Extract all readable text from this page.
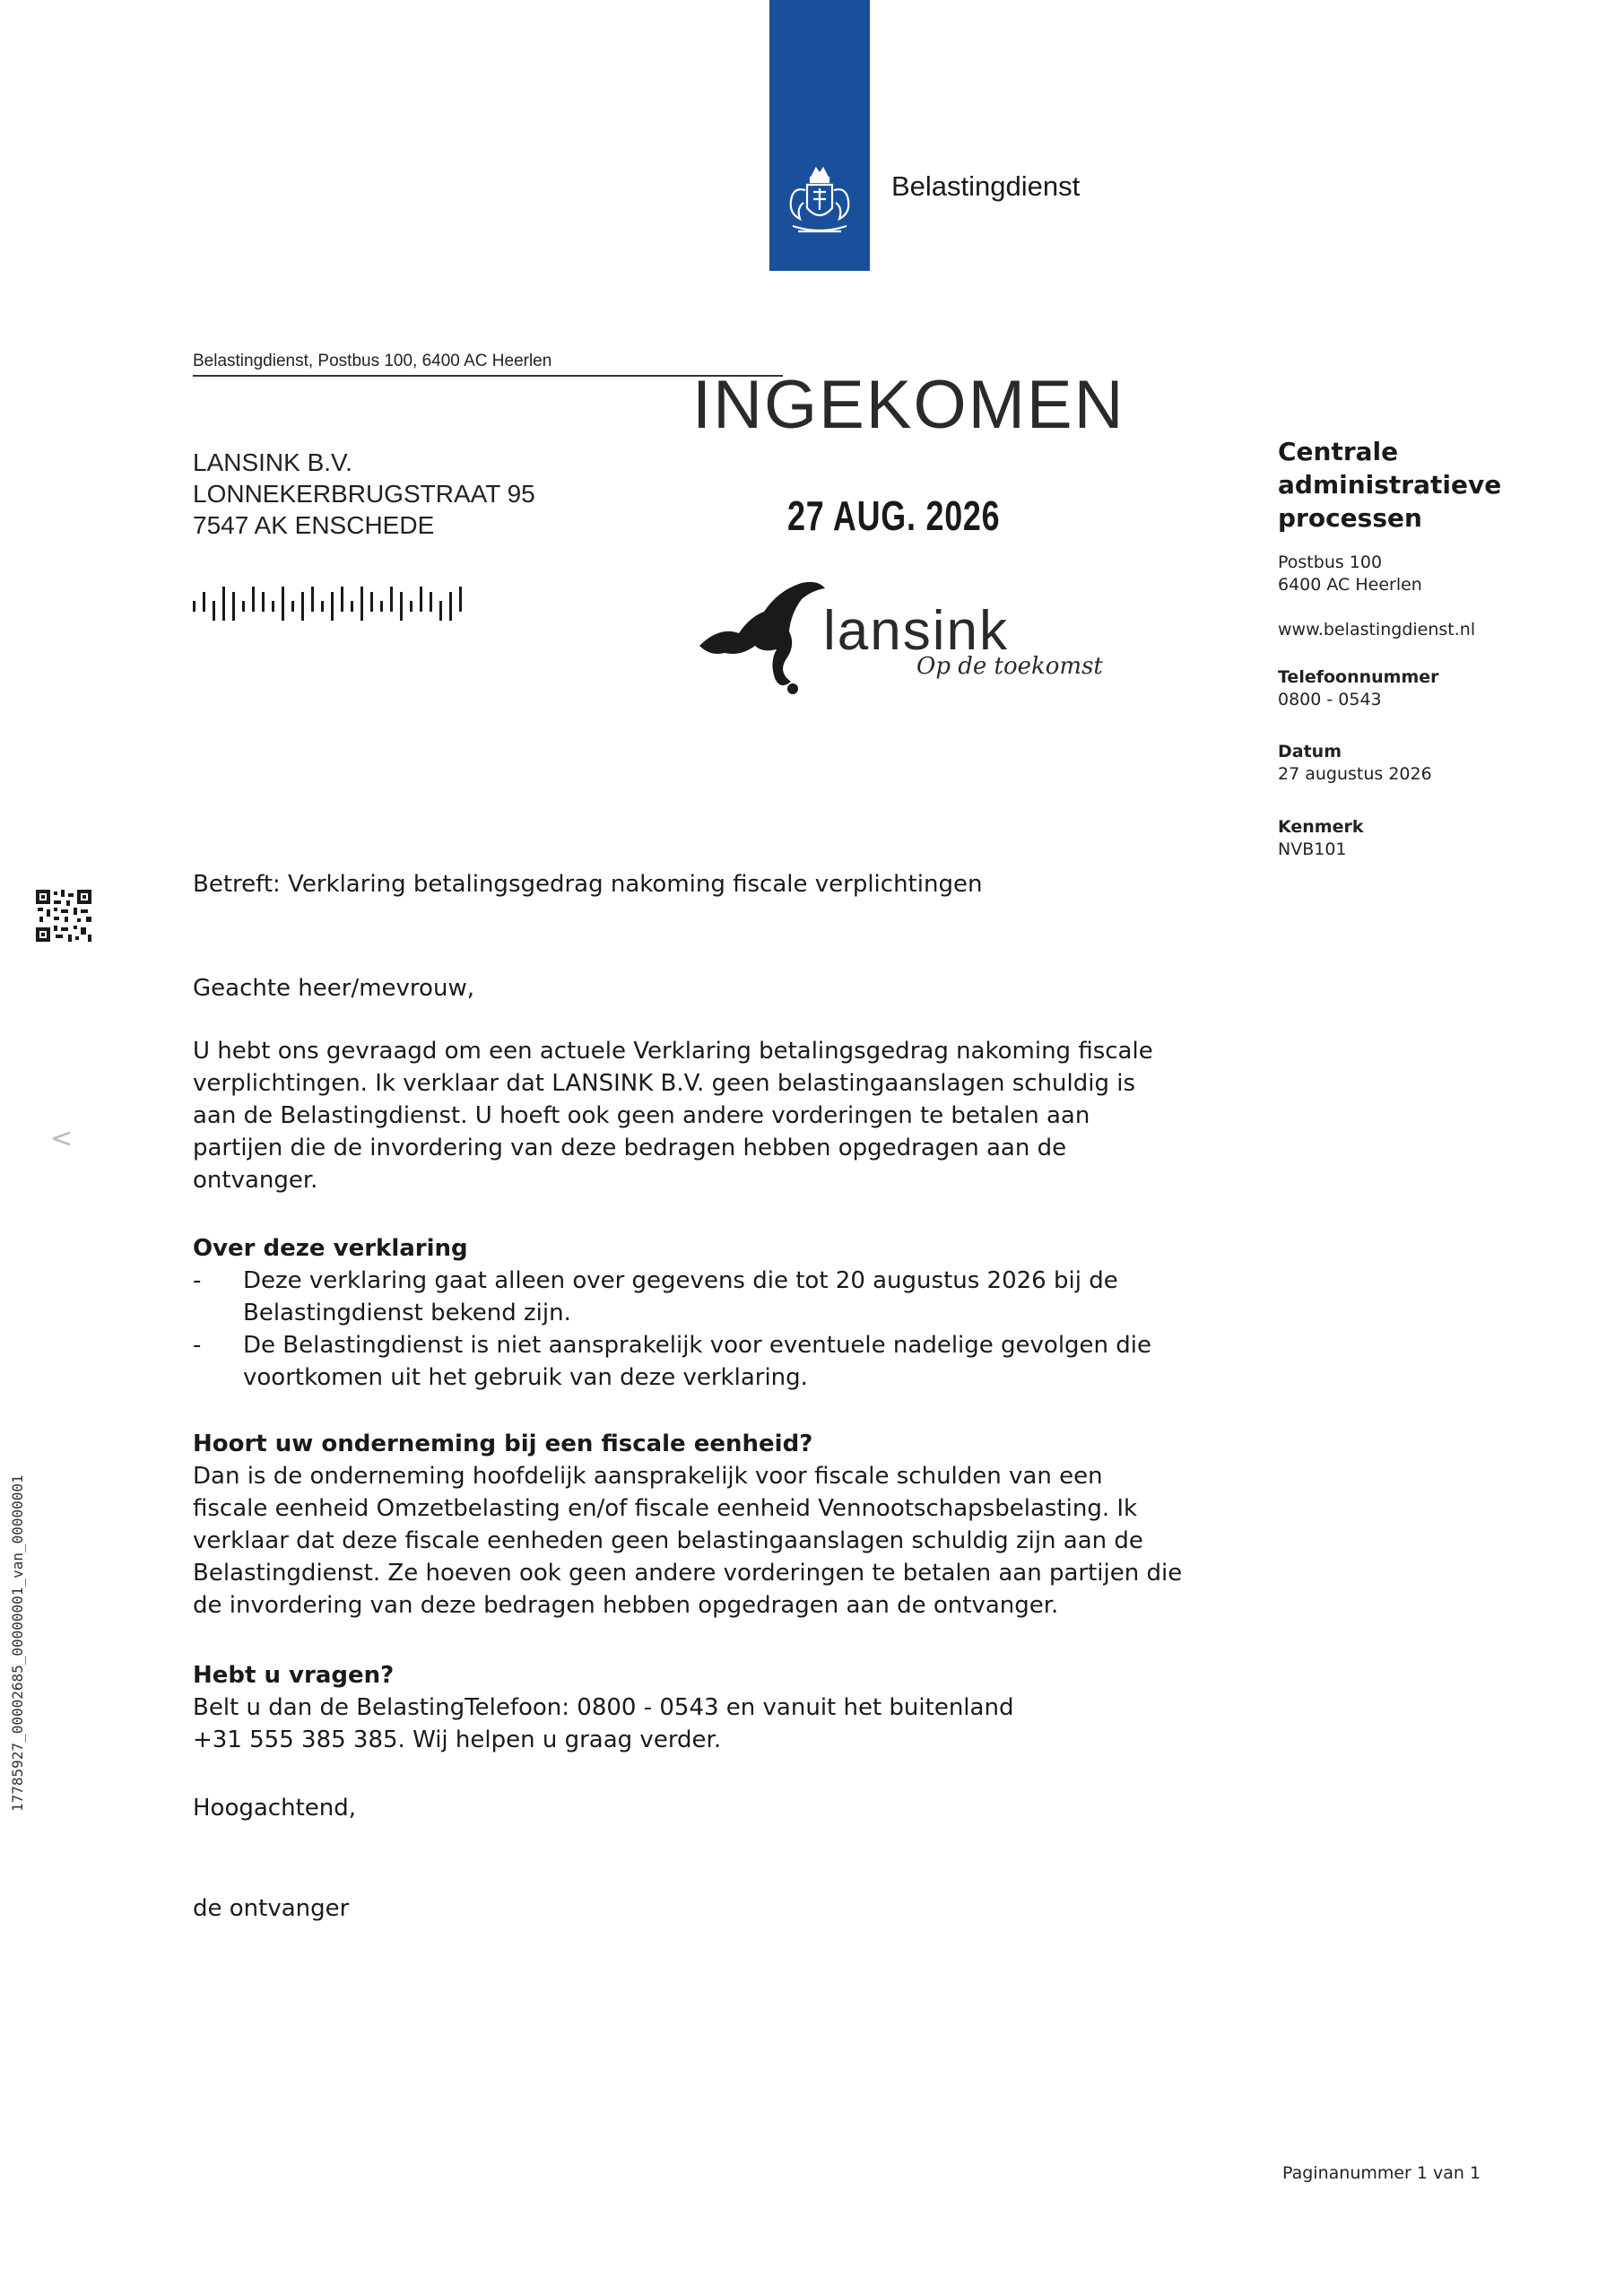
Belastingdienst
Belastingdienst, Postbus 100, 6400 AC Heerlen
LANSINK B.V.
LONNEKERBRUGSTRAAT 95
7547 AK ENSCHEDE
INGEKOMEN
27 AUG. 2026
lansink
Op de toekomst
Centrale
administratieve
processen
Postbus 100
6400 AC Heerlen
www.belastingdienst.nl
Telefoonnummer
0800 - 0543
Datum
27 augustus 2026
Kenmerk
NVB101
<
Betreft: Verklaring betalingsgedrag nakoming fiscale verplichtingen
Geachte heer/mevrouw,
U hebt ons gevraagd om een actuele Verklaring betalingsgedrag nakoming fiscale
verplichtingen. Ik verklaar dat LANSINK B.V. geen belastingaanslagen schuldig is
aan de Belastingdienst. U hoeft ook geen andere vorderingen te betalen aan
partijen die de invordering van deze bedragen hebben opgedragen aan de
ontvanger.
Over deze verklaring
- Deze verklaring gaat alleen over gegevens die tot 20 augustus 2026 bij de
Belastingdienst bekend zijn.
- De Belastingdienst is niet aansprakelijk voor eventuele nadelige gevolgen die
voortkomen uit het gebruik van deze verklaring.
Hoort uw onderneming bij een fiscale eenheid?
Dan is de onderneming hoofdelijk aansprakelijk voor fiscale schulden van een
fiscale eenheid Omzetbelasting en/of fiscale eenheid Vennootschapsbelasting. Ik
verklaar dat deze fiscale eenheden geen belastingaanslagen schuldig zijn aan de
Belastingdienst. Ze hoeven ook geen andere vorderingen te betalen aan partijen die
de invordering van deze bedragen hebben opgedragen aan de ontvanger.
Hebt u vragen?
Belt u dan de BelastingTelefoon: 0800 - 0543 en vanuit het buitenland
+31 555 385 385. Wij helpen u graag verder.
Hoogachtend,
de ontvanger
17785927_00002685_00000001_van_00000001
Paginanummer 1 van 1
